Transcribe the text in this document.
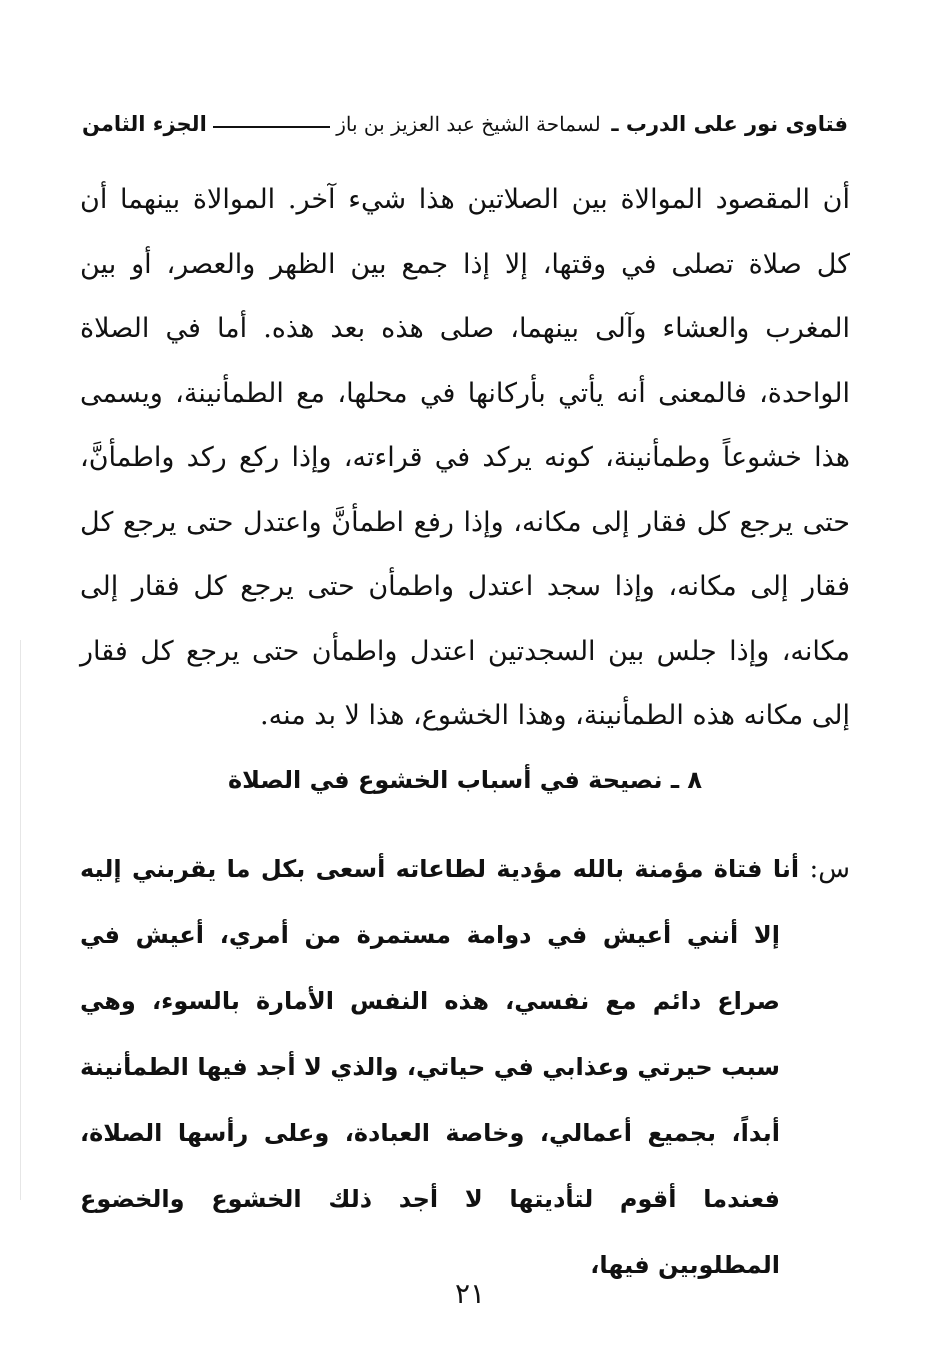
فتاوى نور على الدرب ـ لسماحة الشيخ عبد العزيز بن باز
الجزء الثامن

أن المقصود الموالاة بين الصلاتين هذا شيء آخر. الموالاة بينهما أن كل صلاة تصلى في وقتها، إلا إذا جمع بين الظهر والعصر، أو بين المغرب والعشاء وآلى بينهما، صلى هذه بعد هذه. أما في الصلاة الواحدة، فالمعنى أنه يأتي بأركانها في محلها، مع الطمأنينة، ويسمى هذا خشوعاً وطمأنينة، كونه يركد في قراءته، وإذا ركع ركد واطمأنَّ، حتى يرجع كل فقار إلى مكانه، وإذا رفع اطمأنَّ واعتدل حتى يرجع كل فقار إلى مكانه، وإذا سجد اعتدل واطمأن حتى يرجع كل فقار إلى مكانه، وإذا جلس بين السجدتين اعتدل واطمأن حتى يرجع كل فقار إلى مكانه هذه الطمأنينة، وهذا الخشوع، هذا لا بد منه.

٨ ـ نصيحة في أسباب الخشوع في الصلاة

س: أنا فتاة مؤمنة بالله مؤدية لطاعاته أسعى بكل ما يقربني إليه إلا أنني أعيش في دوامة مستمرة من أمري، أعيش في صراع دائم مع نفسي، هذه النفس الأمارة بالسوء، وهي سبب حيرتي وعذابي في حياتي، والذي لا أجد فيها الطمأنينة أبداً، بجميع أعمالي، وخاصة العبادة، وعلى رأسها الصلاة، فعندما أقوم لتأديتها لا أجد ذلك الخشوع والخضوع المطلوبين فيها،

٢١
